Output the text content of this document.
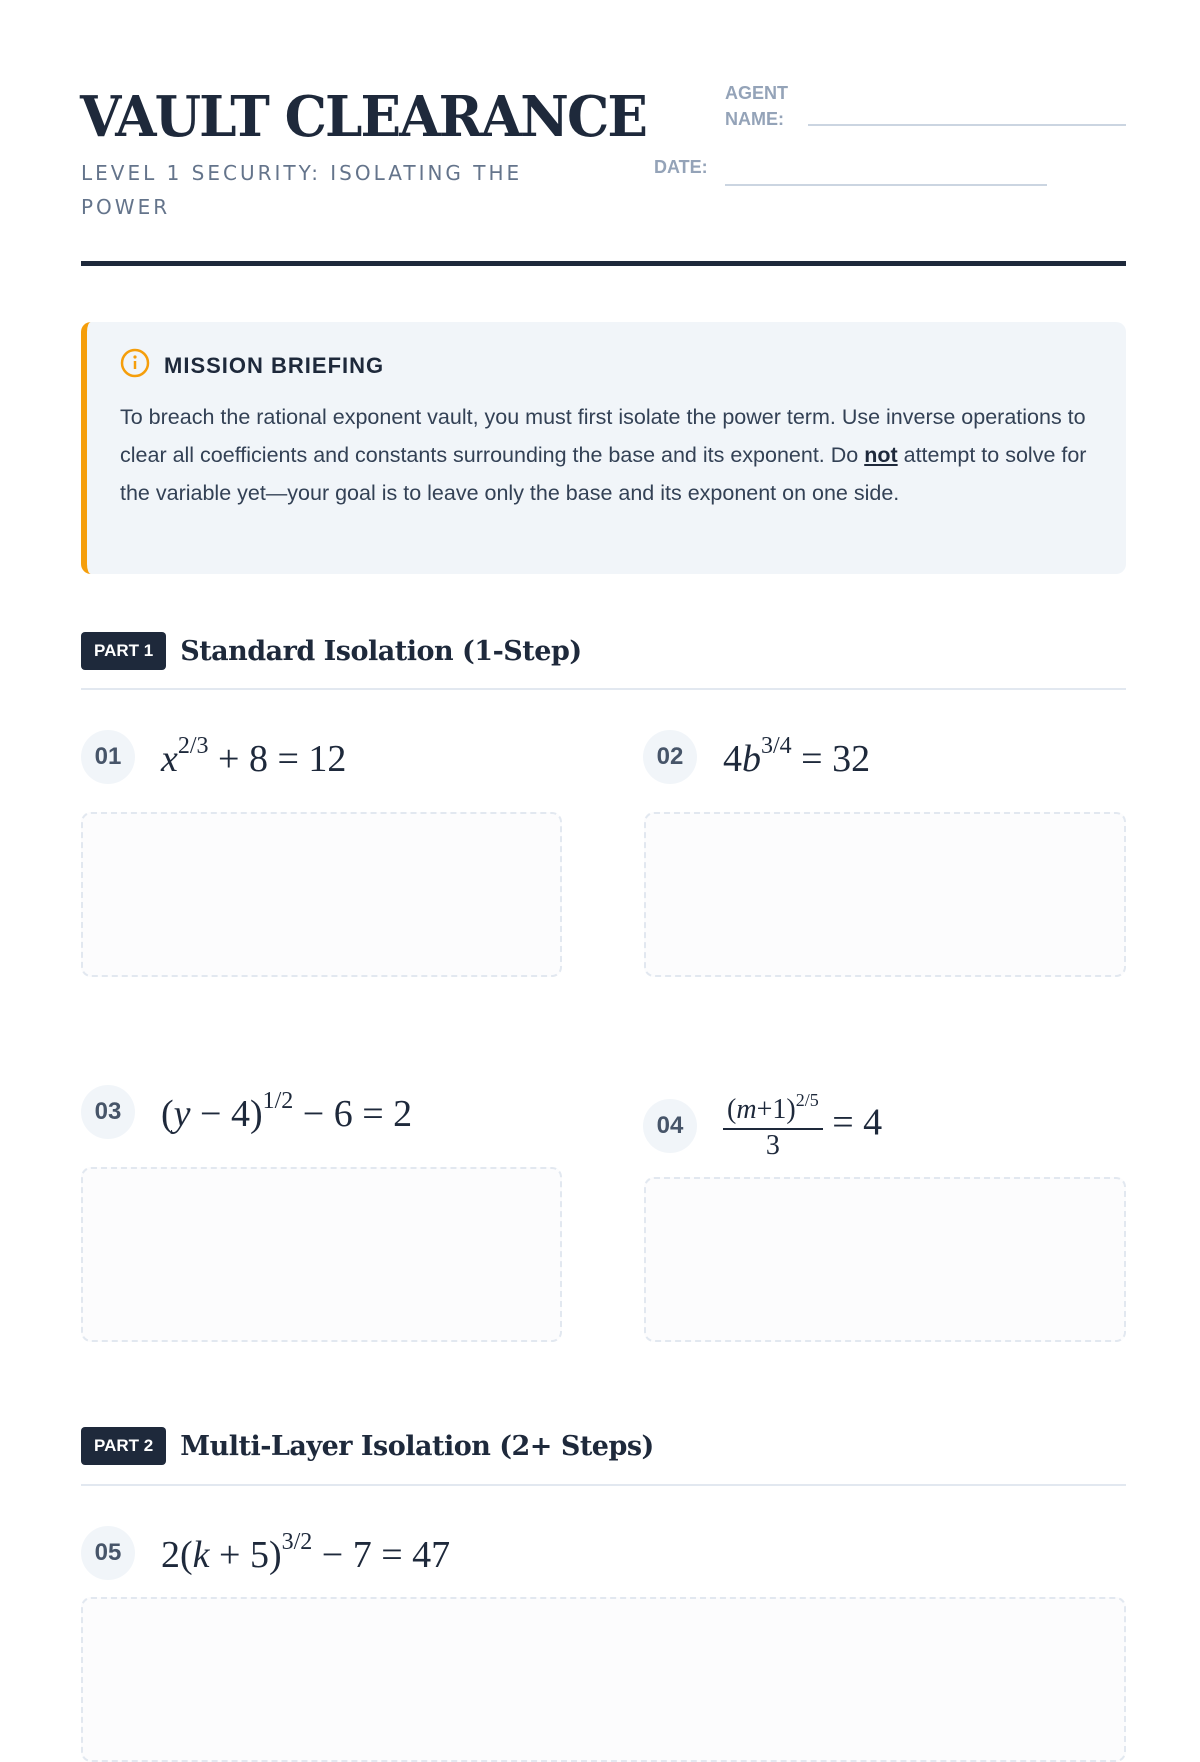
VAULT CLEARANCE
LEVEL 1 SECURITY: ISOLATING THE POWER
AGENT
NAME:
DATE:
MISSION BRIEFING

To breach the rational exponent vault, you must first isolate the power term. Use inverse operations to clear all coefficients and constants surrounding the base and its exponent. Do not attempt to solve for the variable yet—your goal is to leave only the base and its exponent on one side.

PART 1	Standard Isolation (1-Step)
01	$x^{2/3} + 8 = 12$	02	$4b^{3/4} = 32$
03	$(y - 4)^{1/2} - 6 = 2$	04	$\frac{(m+1)^{2/5}}{3} = 4$
PART 2	Multi-Layer Isolation (2+ Steps)
05	$2(k + 5)^{3/2} - 7 = 47$
